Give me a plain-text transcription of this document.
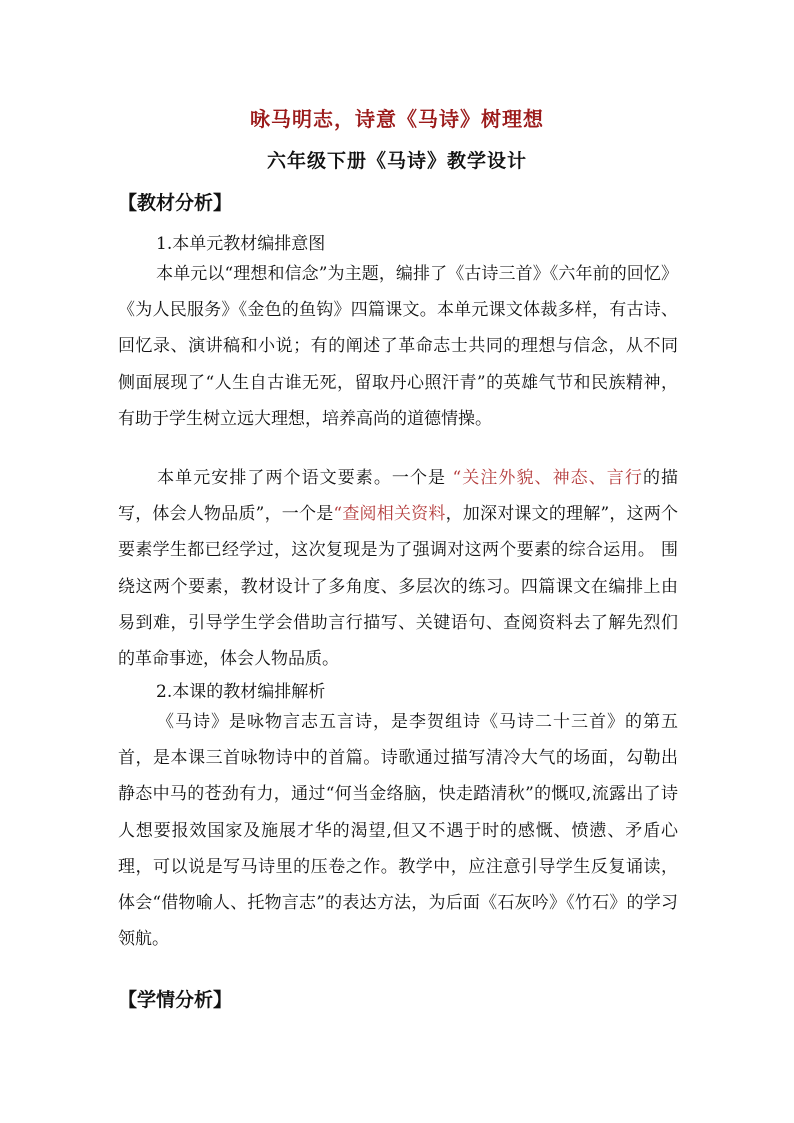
咏马明志，诗意《马诗》树理想
六年级下册《马诗》教学设计
【教材分析】
1.本单元教材编排意图
本单元以“理想和信念”为主题，编排了《古诗三首》《六年前的回忆》《为人民服务》《金色的鱼钩》四篇课文。本单元课文体裁多样，有古诗、回忆录、演讲稿和小说；有的阐述了革命志士共同的理想与信念，从不同侧面展现了“人生自古谁无死，留取丹心照汗青”的英雄气节和民族精神，有助于学生树立远大理想，培养高尚的道德情操。
本单元安排了两个语文要素。一个是 “关注外貌、神态、言行的描写，体会人物品质”，一个是“查阅相关资料，加深对课文的理解”，这两个要素学生都已经学过，这次复现是为了强调对这两个要素的综合运用。 围绕这两个要素，教材设计了多角度、多层次的练习。四篇课文在编排上由易到难，引导学生学会借助言行描写、关键语句、查阅资料去了解先烈们的革命事迹，体会人物品质。
2.本课的教材编排解析
《马诗》是咏物言志五言诗，是李贺组诗《马诗二十三首》的第五首，是本课三首咏物诗中的首篇。诗歌通过描写清冷大气的场面，勾勒出静态中马的苍劲有力，通过“何当金络脑，快走踏清秋”的慨叹,流露出了诗人想要报效国家及施展才华的渴望,但又不遇于时的感慨、愤懑、矛盾心理，可以说是写马诗里的压卷之作。教学中，应注意引导学生反复诵读，体会“借物喻人、托物言志”的表达方法，为后面《石灰吟》《竹石》的学习领航。
【学情分析】
